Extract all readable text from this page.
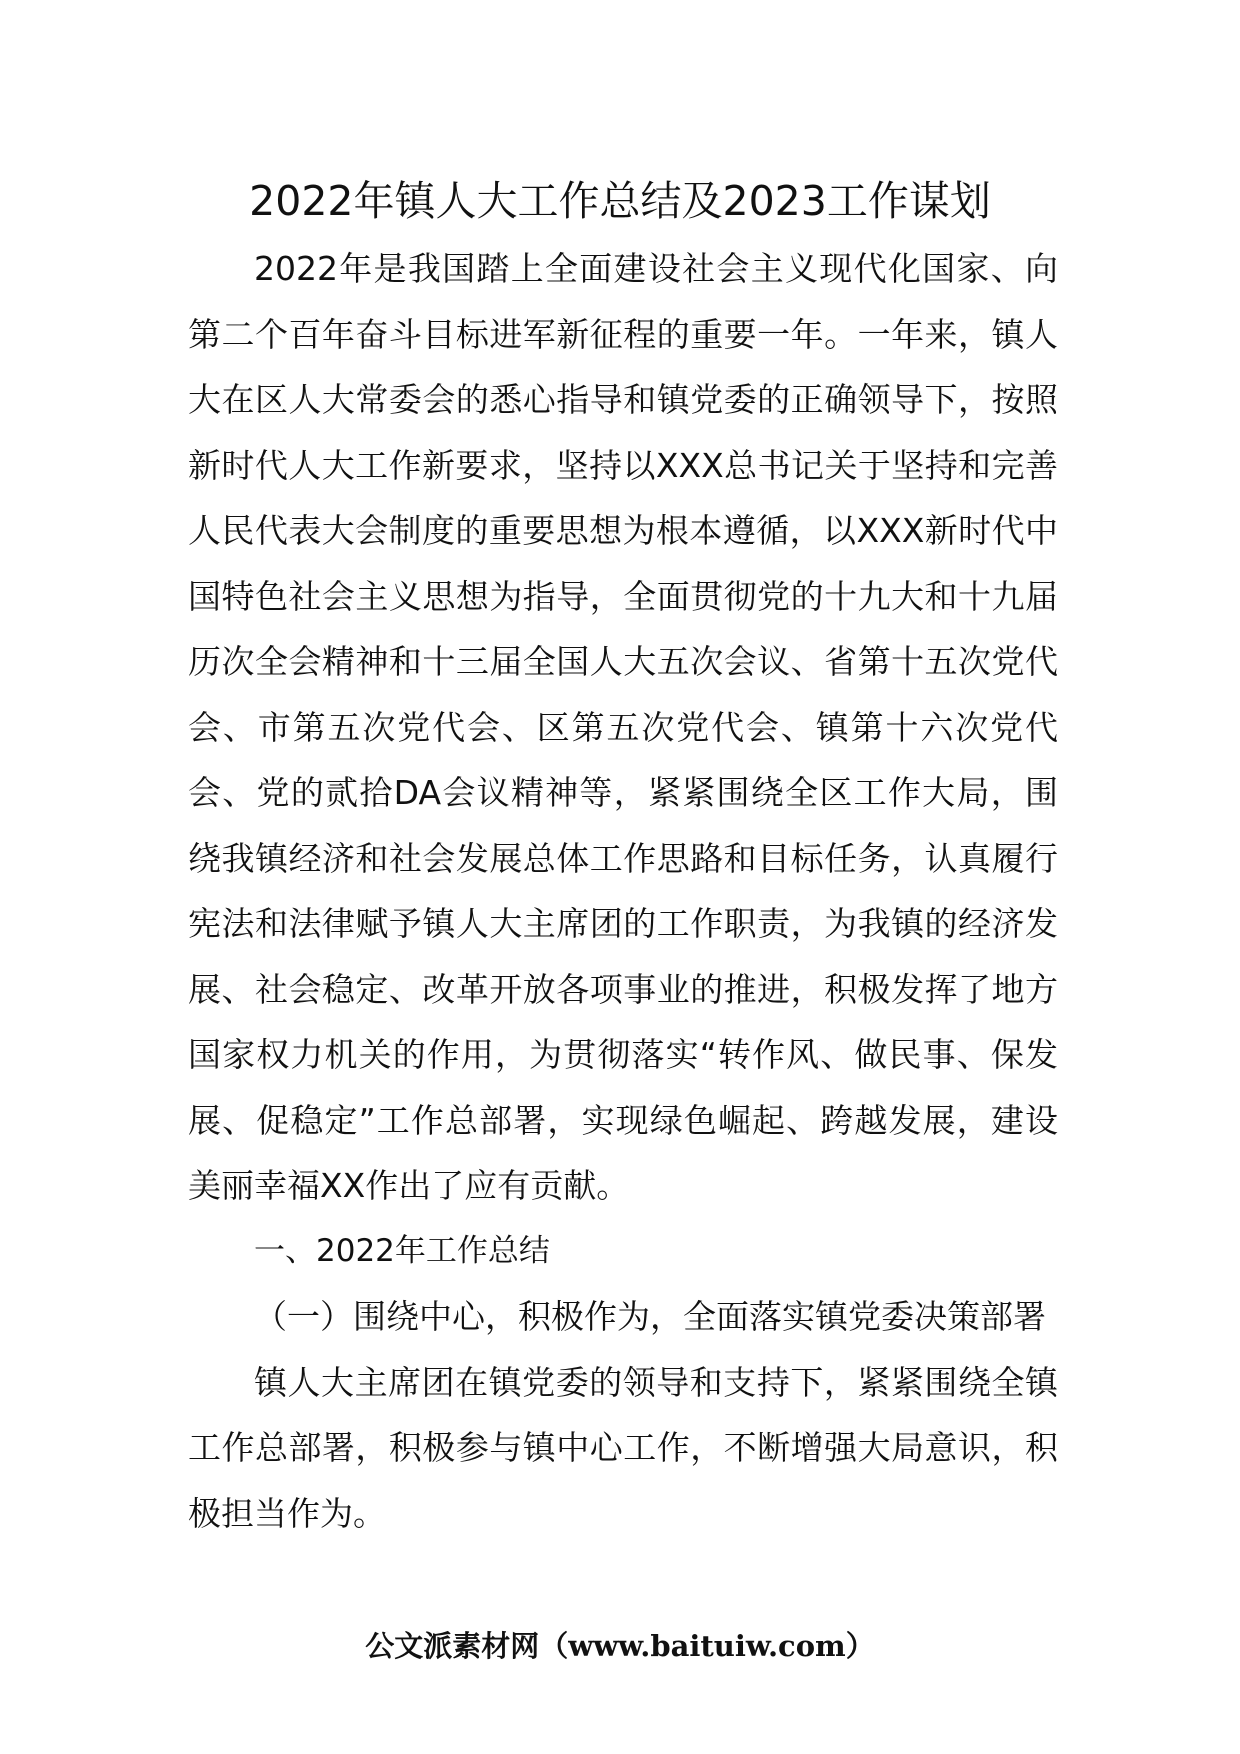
2022年镇人大工作总结及2023工作谋划

2022年是我国踏上全面建设社会主义现代化国家、向第二个百年奋斗目标进军新征程的重要一年。一年来，镇人大在区人大常委会的悉心指导和镇党委的正确领导下，按照新时代人大工作新要求，坚持以XXX总书记关于坚持和完善人民代表大会制度的重要思想为根本遵循，以XXX新时代中国特色社会主义思想为指导，全面贯彻党的十九大和十九届历次全会精神和十三届全国人大五次会议、省第十五次党代会、市第五次党代会、区第五次党代会、镇第十六次党代会、党的贰拾DA会议精神等，紧紧围绕全区工作大局，围绕我镇经济和社会发展总体工作思路和目标任务，认真履行宪法和法律赋予镇人大主席团的工作职责，为我镇的经济发展、社会稳定、改革开放各项事业的推进，积极发挥了地方国家权力机关的作用，为贯彻落实“转作风、做民事、保发展、促稳定”工作总部署，实现绿色崛起、跨越发展，建设美丽幸福XX作出了应有贡献。

一、2022年工作总结

（一）围绕中心，积极作为，全面落实镇党委决策部署

镇人大主席团在镇党委的领导和支持下，紧紧围绕全镇工作总部署，积极参与镇中心工作，不断增强大局意识，积极担当作为。

公文派素材网（www.baituiw.com）
